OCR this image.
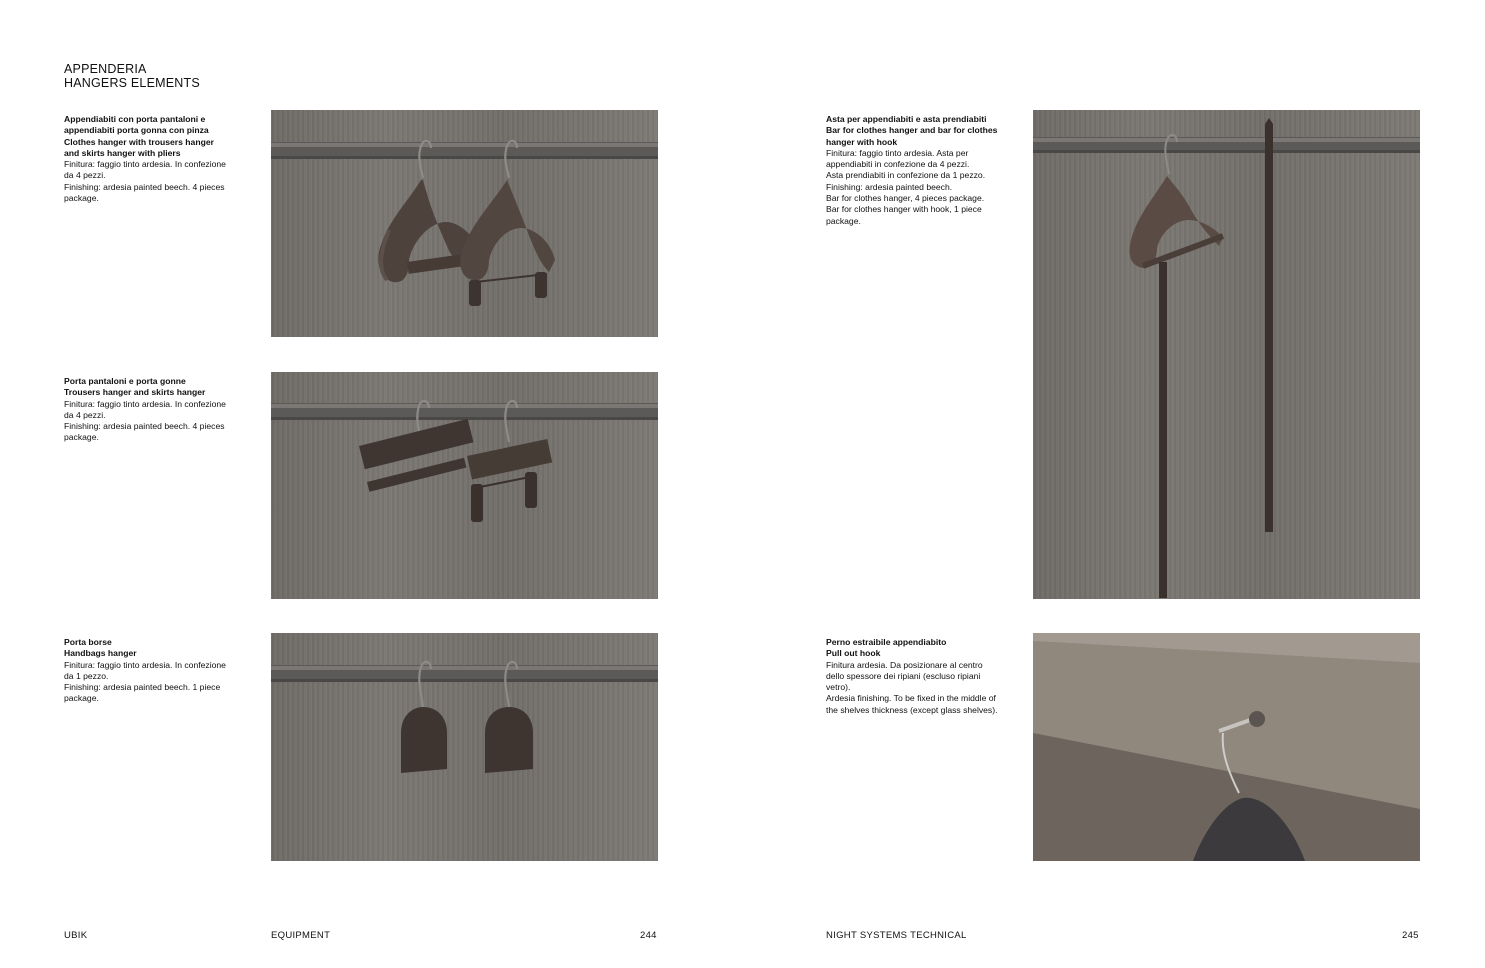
APPENDERIA
HANGERS ELEMENTS
Appendiabiti con porta pantaloni e
appendiabiti porta gonna con pinza
Clothes hanger with trousers hanger
and skirts hanger with pliers
Finitura: faggio tinto ardesia. In confezione
da 4 pezzi.
Finishing: ardesia painted beech. 4 pieces
package.
Porta pantaloni e porta gonne
Trousers hanger and skirts hanger
Finitura: faggio tinto ardesia. In confezione
da 4 pezzi.
Finishing: ardesia painted beech. 4 pieces
package.
Porta borse
Handbags hanger
Finitura: faggio tinto ardesia. In confezione
da 1 pezzo.
Finishing: ardesia painted beech. 1 piece
package.
Asta per appendiabiti e asta prendiabiti
Bar for clothes hanger and bar for clothes
hanger with hook
Finitura: faggio tinto ardesia. Asta per
appendiabiti in confezione da 4 pezzi.
Asta prendiabiti in confezione da 1 pezzo.
Finishing: ardesia painted beech.
Bar for clothes hanger, 4 pieces package.
Bar for clothes hanger with hook, 1 piece
package.
Perno estraibile appendiabito
Pull out hook
Finitura ardesia. Da posizionare al centro
dello spessore dei ripiani (escluso ripiani
vetro).
Ardesia finishing. To be fixed in the middle of
the shelves thickness (except glass shelves).
UBIK	EQUIPMENT	244	NIGHT SYSTEMS TECHNICAL	245
